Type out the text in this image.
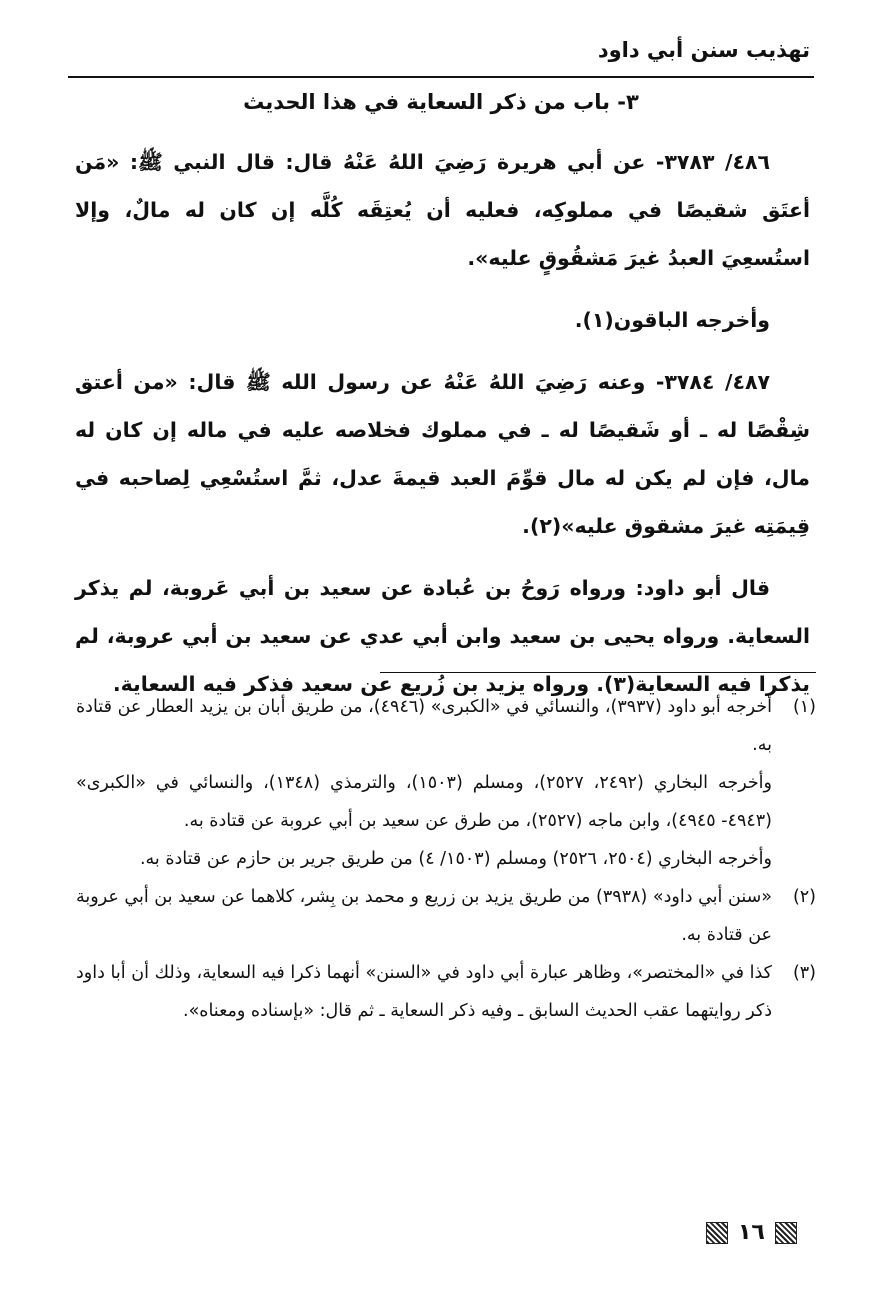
تهذيب سنن أبي داود
٣- باب من ذكر السعاية في هذا الحديث

٤٨٦/ ٣٧٨٣- عن أبي هريرة رَضِيَ اللهُ عَنْهُ قال: قال النبي ﷺ: «مَن أعتَق شقيصًا في مملوكِه، فعليه أن يُعتِقَه كُلَّه إن كان له مالٌ، وإلا استُسعِيَ العبدُ غيرَ مَشقُوقٍ عليه».

وأخرجه الباقون(١).

٤٨٧/ ٣٧٨٤- وعنه رَضِيَ اللهُ عَنْهُ عن رسول الله ﷺ قال: «من أعتق شِقْصًا له ـ أو شَقيصًا له ـ في مملوك فخلاصه عليه في ماله إن كان له مال، فإن لم يكن له مال قوِّمَ العبد قيمةَ عدل، ثمَّ استُسْعِي لِصاحبه في قِيمَتِه غيرَ مشقوق عليه»(٢).

قال أبو داود: ورواه رَوحُ بن عُبادة عن سعيد بن أبي عَروبة، لم يذكر السعاية. ورواه يحيى بن سعيد وابن أبي عدي عن سعيد بن أبي عروبة، لم يذكرا فيه السعاية(٣). ورواه يزيد بن زُريع عن سعيد فذكر فيه السعاية.

(١)

أخرجه أبو داود (٣٩٣٧)، والنسائي في «الكبرى» (٤٩٤٦)، من طريق أبان بن يزيد العطار عن قتادة به.

وأخرجه البخاري (٢٤٩٢، ٢٥٢٧)، ومسلم (١٥٠٣)، والترمذي (١٣٤٨)، والنسائي في «الكبرى» (٤٩٤٣- ٤٩٤٥)، وابن ماجه (٢٥٢٧)، من طرق عن سعيد بن أبي عروبة عن قتادة به.

وأخرجه البخاري (٢٥٠٤، ٢٥٢٦) ومسلم (١٥٠٣/ ٤) من طريق جرير بن حازم عن قتادة به.

(٢)

«سنن أبي داود» (٣٩٣٨) من طريق يزيد بن زريع و محمد بن بِشر، كلاهما عن سعيد بن أبي عروبة عن قتادة به.

(٣)

كذا في «المختصر»، وظاهر عبارة أبي داود في «السنن» أنهما ذكرا فيه السعاية، وذلك أن أبا داود ذكر روايتهما عقب الحديث السابق ـ وفيه ذكر السعاية ـ ثم قال: «بإسناده ومعناه».

١٦
